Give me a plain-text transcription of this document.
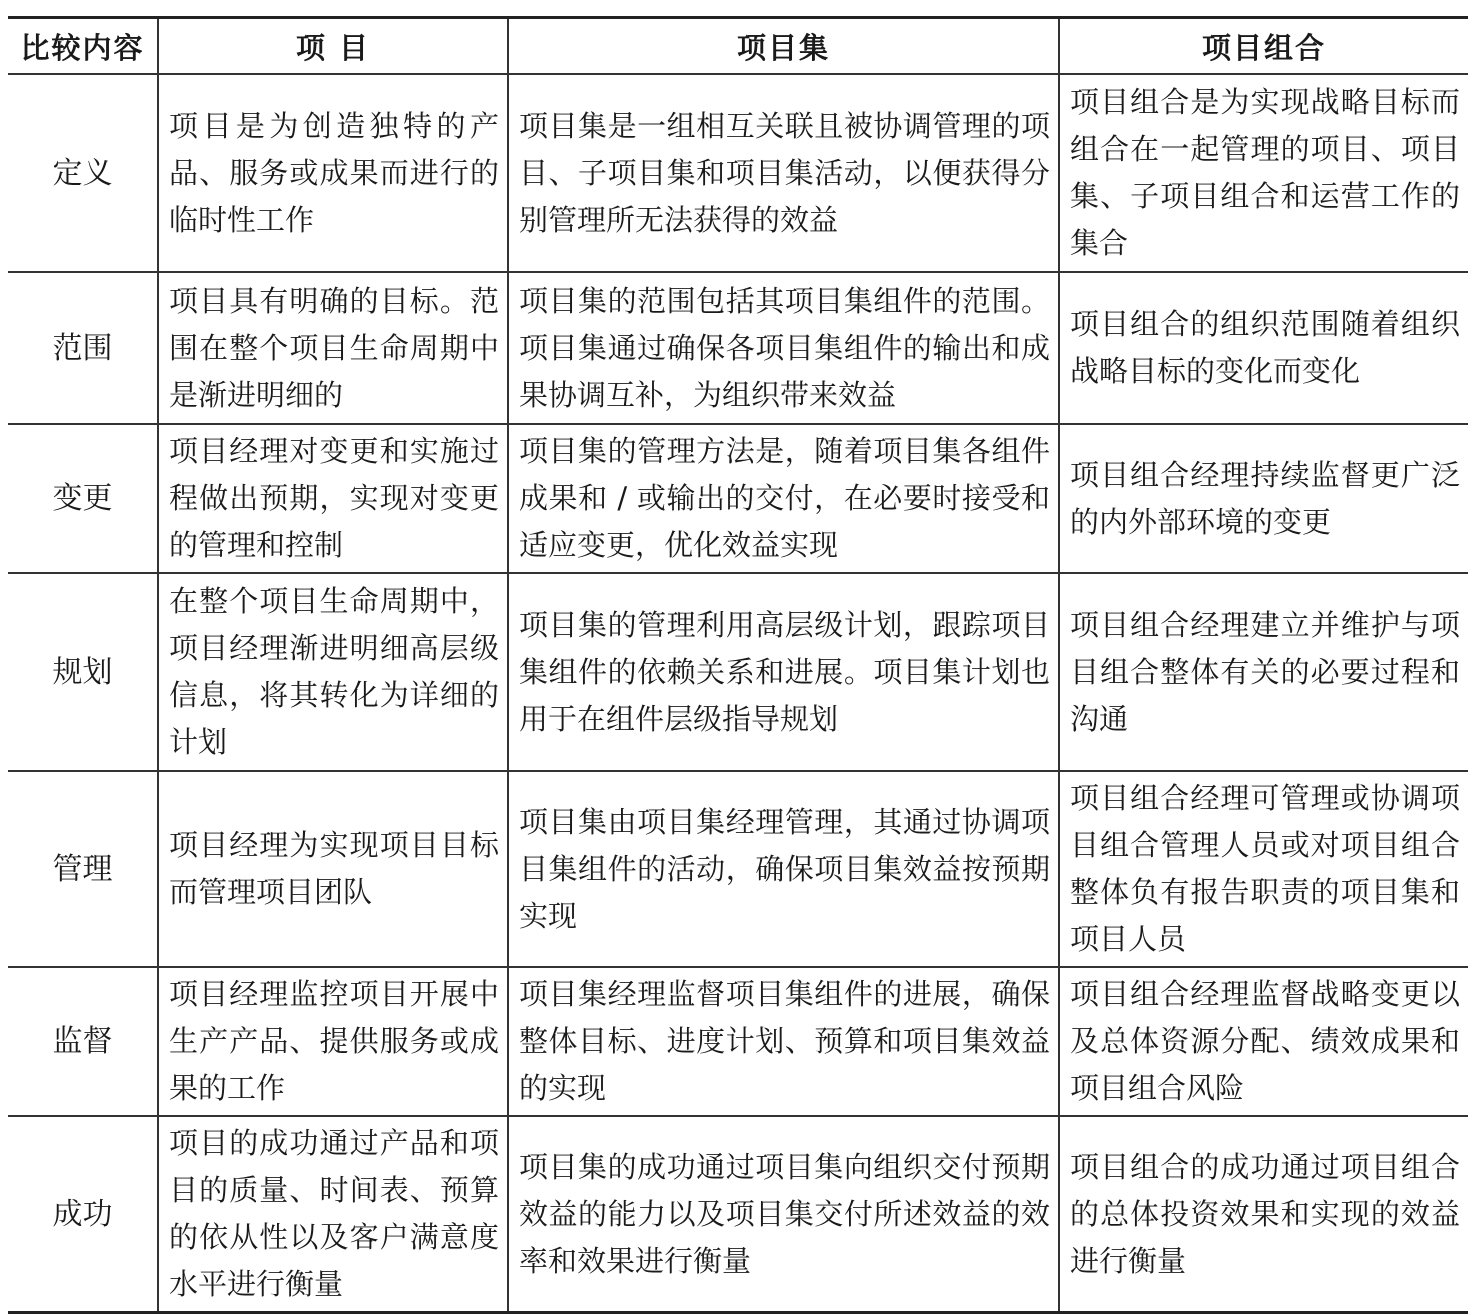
比较内容	项 目	项目集	项目组合
定义	项目是为创造独特的产品、服务或成果而进行的临时性工作	项目集是一组相互关联且被协调管理的项目、子项目集和项目集活动，以便获得分别管理所无法获得的效益	项目组合是为实现战略目标而组合在一起管理的项目、项目集、子项目组合和运营工作的集合
范围	项目具有明确的目标。范围在整个项目生命周期中是渐进明细的	项目集的范围包括其项目集组件的范围。项目集通过确保各项目集组件的输出和成果协调互补，为组织带来效益	项目组合的组织范围随着组织战略目标的变化而变化
变更	项目经理对变更和实施过程做出预期，实现对变更的管理和控制	项目集的管理方法是，随着项目集各组件成果和 / 或输出的交付，在必要时接受和适应变更，优化效益实现	项目组合经理持续监督更广泛的内外部环境的变更
规划	在整个项目生命周期中，项目经理渐进明细高层级信息，将其转化为详细的计划	项目集的管理利用高层级计划，跟踪项目集组件的依赖关系和进展。项目集计划也用于在组件层级指导规划	项目组合经理建立并维护与项目组合整体有关的必要过程和沟通
管理	项目经理为实现项目目标而管理项目团队	项目集由项目集经理管理，其通过协调项目集组件的活动，确保项目集效益按预期实现	项目组合经理可管理或协调项目组合管理人员或对项目组合整体负有报告职责的项目集和项目人员
监督	项目经理监控项目开展中生产产品、提供服务或成果的工作	项目集经理监督项目集组件的进展，确保整体目标、进度计划、预算和项目集效益的实现	项目组合经理监督战略变更以及总体资源分配、绩效成果和项目组合风险
成功	项目的成功通过产品和项目的质量、时间表、预算的依从性以及客户满意度水平进行衡量	项目集的成功通过项目集向组织交付预期效益的能力以及项目集交付所述效益的效率和效果进行衡量	项目组合的成功通过项目组合的总体投资效果和实现的效益进行衡量
